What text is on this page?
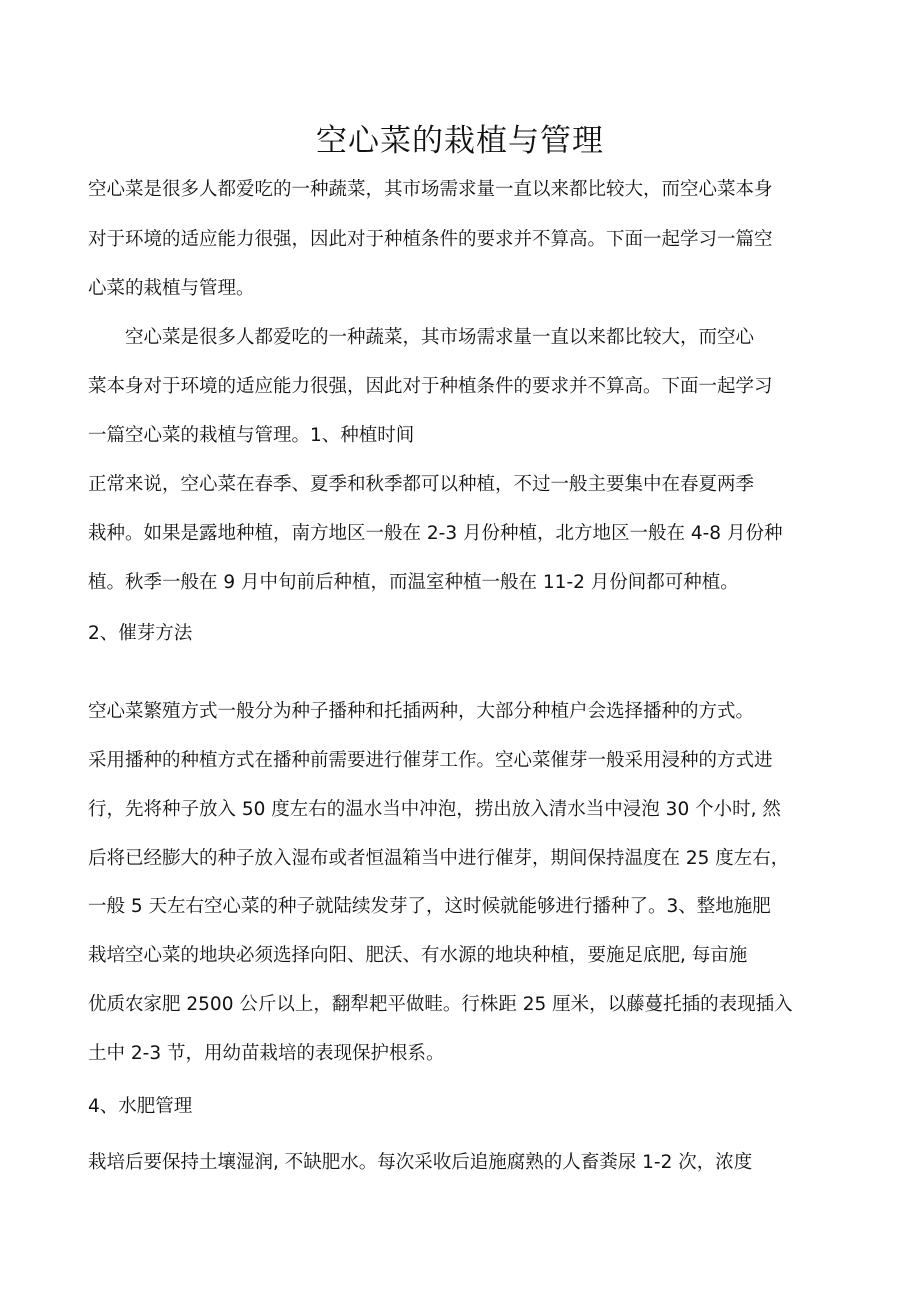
空心菜的栽植与管理

空心菜是很多人都爱吃的一种蔬菜，其市场需求量一直以来都比较大，而空心菜本身

对于环境的适应能力很强，因此对于种植条件的要求并不算高。下面一起学习一篇空

心菜的栽植与管理。

　　空心菜是很多人都爱吃的一种蔬菜，其市场需求量一直以来都比较大，而空心

菜本身对于环境的适应能力很强，因此对于种植条件的要求并不算高。下面一起学习

一篇空心菜的栽植与管理。1、种植时间

正常来说，空心菜在春季、夏季和秋季都可以种植，不过一般主要集中在春夏两季

栽种。如果是露地种植，南方地区一般在 2-3 月份种植，北方地区一般在 4-8 月份种

植。秋季一般在 9 月中旬前后种植，而温室种植一般在 11-2 月份间都可种植。

2、催芽方法

空心菜繁殖方式一般分为种子播种和托插两种，大部分种植户会选择播种的方式。

采用播种的种植方式在播种前需要进行催芽工作。空心菜催芽一般采用浸种的方式进

行，先将种子放入 50 度左右的温水当中冲泡，捞出放入清水当中浸泡 30 个小时, 然

后将已经膨大的种子放入湿布或者恒温箱当中进行催芽，期间保持温度在 25 度左右，

一般 5 天左右空心菜的种子就陆续发芽了，这时候就能够进行播种了。3、整地施肥

栽培空心菜的地块必须选择向阳、肥沃、有水源的地块种植，要施足底肥, 每亩施

优质农家肥 2500 公斤以上，翻犁耙平做畦。行株距 25 厘米，以藤蔓托插的表现插入

土中 2-3 节，用幼苗栽培的表现保护根系。

4、水肥管理

栽培后要保持土壤湿润, 不缺肥水。每次采收后追施腐熟的人畜粪尿 1-2 次，浓度
